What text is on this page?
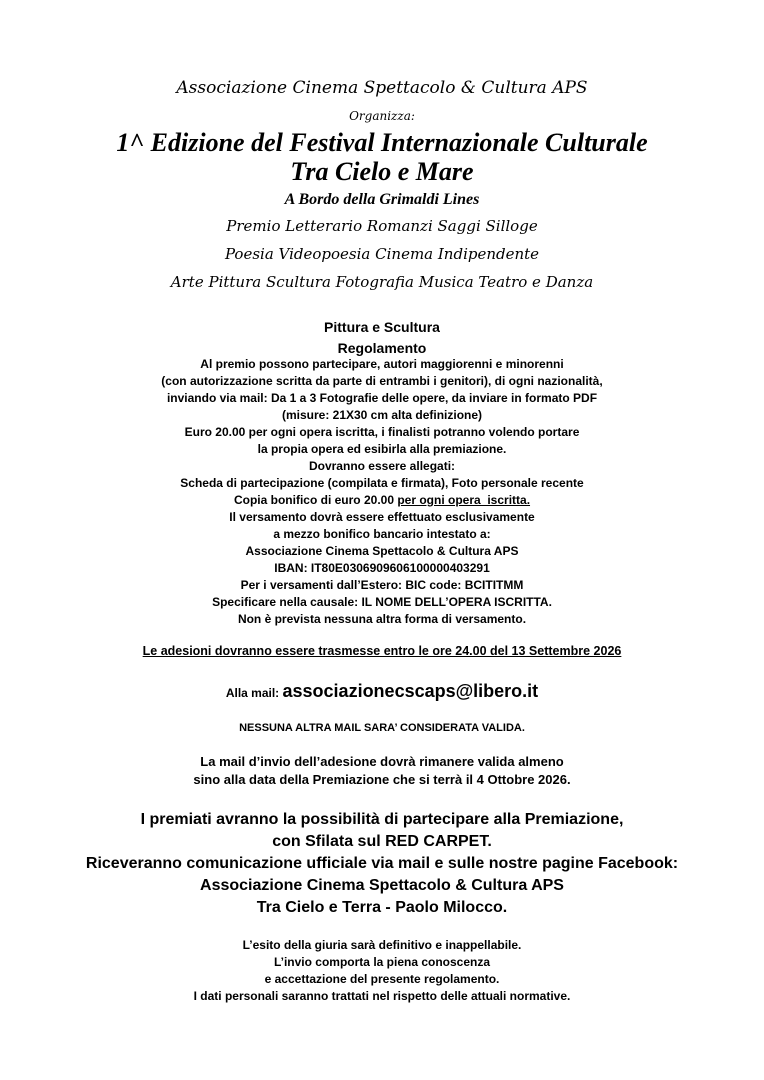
Associazione Cinema Spettacolo & Cultura APS
Organizza:
1^ Edizione del Festival Internazionale Culturale
Tra Cielo e Mare
A Bordo della Grimaldi Lines
Premio Letterario Romanzi Saggi Silloge
Poesia Videopoesia Cinema Indipendente
Arte Pittura Scultura Fotografia Musica Teatro e Danza
Pittura e Scultura
Regolamento
Al premio possono partecipare, autori maggiorenni e minorenni
(con autorizzazione scritta da parte di entrambi i genitori), di ogni nazionalità,
inviando via mail: Da 1 a 3 Fotografie delle opere, da inviare in formato PDF
(misure: 21X30 cm alta definizione)
Euro 20.00 per ogni opera iscritta, i finalisti potranno volendo portare
la propia opera ed esibirla alla premiazione.
Dovranno essere allegati:
Scheda di partecipazione (compilata e firmata), Foto personale recente
Copia bonifico di euro 20.00 per ogni opera  iscritta.
Il versamento dovrà essere effettuato esclusivamente
a mezzo bonifico bancario intestato a:
Associazione Cinema Spettacolo & Cultura APS
IBAN: IT80E0306909606100000403291
Per i versamenti dall’Estero: BIC code: BCITITMM
Specificare nella causale: IL NOME DELL’OPERA ISCRITTA.
Non è prevista nessuna altra forma di versamento.
Le adesioni dovranno essere trasmesse entro le ore 24.00 del 13 Settembre 2026
Alla mail: associazionecscaps@libero.it
NESSUNA ALTRA MAIL SARA’ CONSIDERATA VALIDA.
La mail d’invio dell’adesione dovrà rimanere valida almeno
sino alla data della Premiazione che si terrà il 4 Ottobre 2026.
I premiati avranno la possibilità di partecipare alla Premiazione,
con Sfilata sul RED CARPET.
Riceveranno comunicazione ufficiale via mail e sulle nostre pagine Facebook:
Associazione Cinema Spettacolo & Cultura APS
Tra Cielo e Terra - Paolo Milocco.
L’esito della giuria sarà definitivo e inappellabile.
L’invio comporta la piena conoscenza
e accettazione del presente regolamento.
I dati personali saranno trattati nel rispetto delle attuali normative.
